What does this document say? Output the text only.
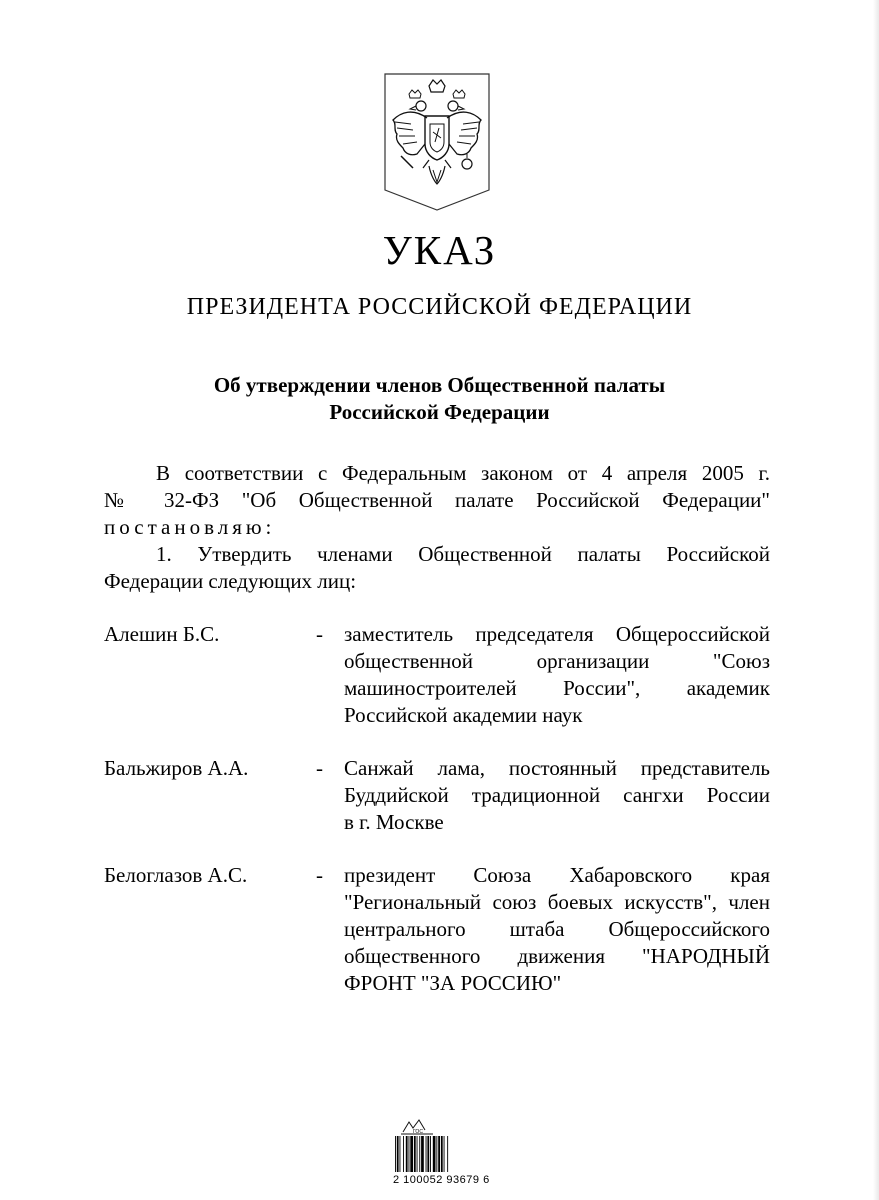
УКАЗ
ПРЕЗИДЕНТА РОССИЙСКОЙ ФЕДЕРАЦИИ
Об утверждении членов Общественной палаты
Российской Федерации
В соответствии с Федеральным законом от 4 апреля 2005 г.
№ 32-ФЗ "Об Общественной палате Российской Федерации"
постановляю:
1. Утвердить членами Общественной палаты Российской
Федерации следующих лиц:
Алешин Б.С.	-	заместитель председателя Общероссийской
общественной организации "Союз
машиностроителей России", академик
Российской академии наук
Бальжиров А.А.	-	Санжай лама, постоянный представитель
Буддийской традиционной сангхи России
в г. Москве
Белоглазов А.С.	-	президент Союза Хабаровского края
"Региональный союз боевых искусств", член
центрального штаба Общероссийского
общественного движения "НАРОДНЫЙ
ФРОНТ "ЗА РОССИЮ"
ГОС
2 100052 93679 6
